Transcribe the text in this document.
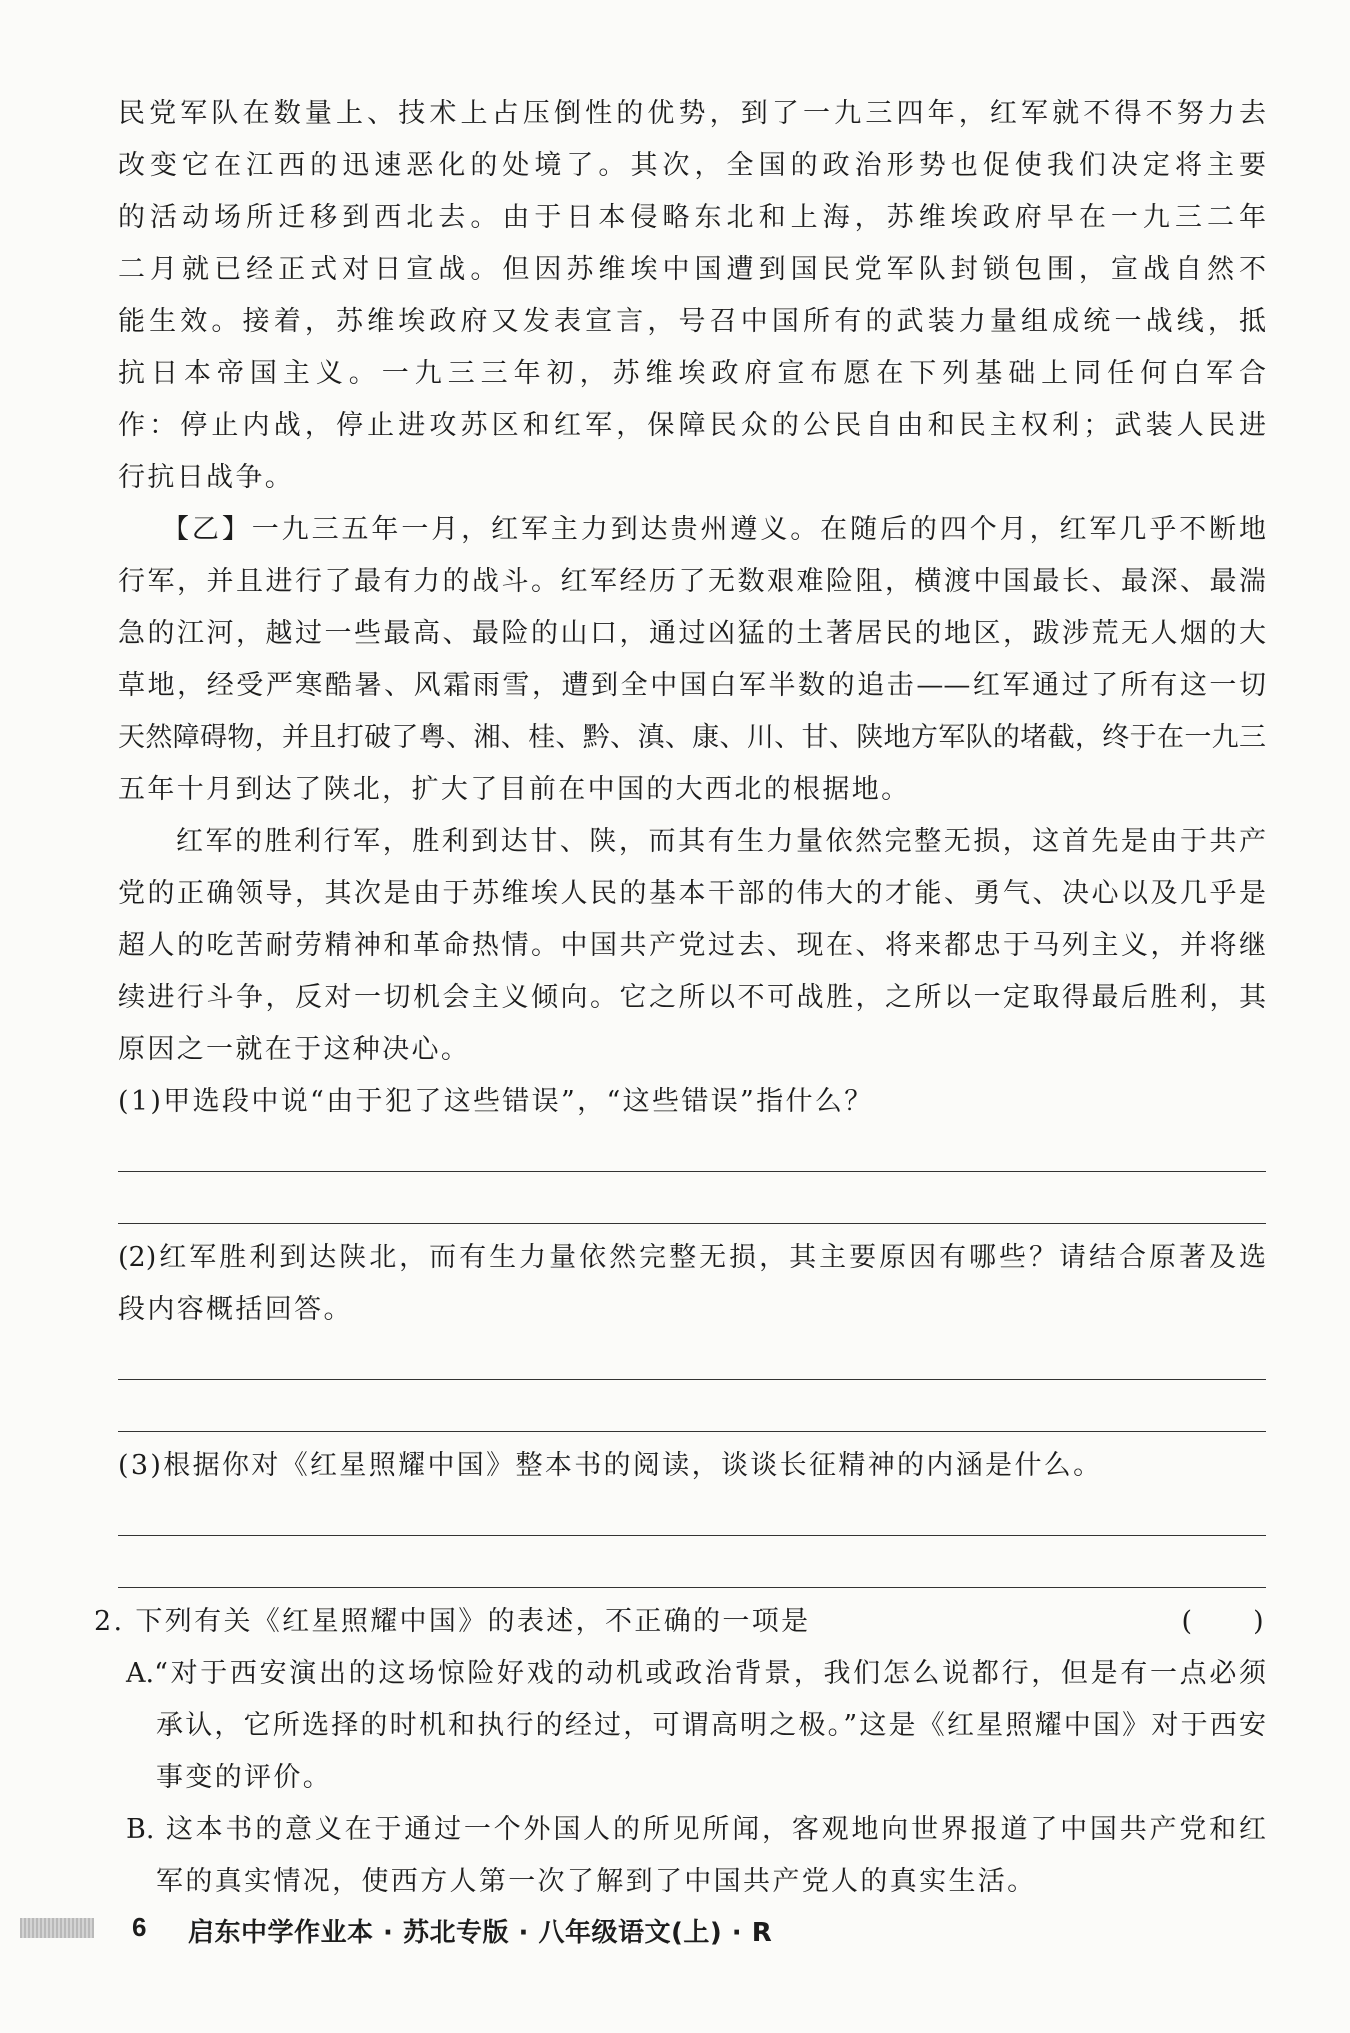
民党军队在数量上、技术上占压倒性的优势，到了一九三四年，红军就不得不努力去
改变它在江西的迅速恶化的处境了。其次，全国的政治形势也促使我们决定将主要
的活动场所迁移到西北去。由于日本侵略东北和上海，苏维埃政府早在一九三二年
二月就已经正式对日宣战。但因苏维埃中国遭到国民党军队封锁包围，宣战自然不
能生效。接着，苏维埃政府又发表宣言，号召中国所有的武装力量组成统一战线，抵
抗日本帝国主义。一九三三年初，苏维埃政府宣布愿在下列基础上同任何白军合
作：停止内战，停止进攻苏区和红军，保障民众的公民自由和民主权利；武装人民进
行抗日战争。
【乙】一九三五年一月，红军主力到达贵州遵义。在随后的四个月，红军几乎不断地
行军，并且进行了最有力的战斗。红军经历了无数艰难险阻，横渡中国最长、最深、最湍
急的江河，越过一些最高、最险的山口，通过凶猛的土著居民的地区，跋涉荒无人烟的大
草地，经受严寒酷暑、风霜雨雪，遭到全中国白军半数的追击——红军通过了所有这一切
天然障碍物，并且打破了粤、湘、桂、黔、滇、康、川、甘、陕地方军队的堵截，终于在一九三
五年十月到达了陕北，扩大了目前在中国的大西北的根据地。
红军的胜利行军，胜利到达甘、陕，而其有生力量依然完整无损，这首先是由于共产
党的正确领导，其次是由于苏维埃人民的基本干部的伟大的才能、勇气、决心以及几乎是
超人的吃苦耐劳精神和革命热情。中国共产党过去、现在、将来都忠于马列主义，并将继
续进行斗争，反对一切机会主义倾向。它之所以不可战胜，之所以一定取得最后胜利，其
原因之一就在于这种决心。
(1)甲选段中说“由于犯了这些错误”，“这些错误”指什么？
(2)红军胜利到达陕北，而有生力量依然完整无损，其主要原因有哪些？请结合原著及选
段内容概括回答。
(3)根据你对《红星照耀中国》整本书的阅读，谈谈长征精神的内涵是什么。
2. 下列有关《红星照耀中国》的表述，不正确的一项是	(　　)
A.“对于西安演出的这场惊险好戏的动机或政治背景，我们怎么说都行，但是有一点必须
承认，它所选择的时机和执行的经过，可谓高明之极。”这是《红星照耀中国》对于西安
事变的评价。
B. 这本书的意义在于通过一个外国人的所见所闻，客观地向世界报道了中国共产党和红
军的真实情况，使西方人第一次了解到了中国共产党人的真实生活。
6 启东中学作业本 · 苏北专版 · 八年级语文(上) · R
